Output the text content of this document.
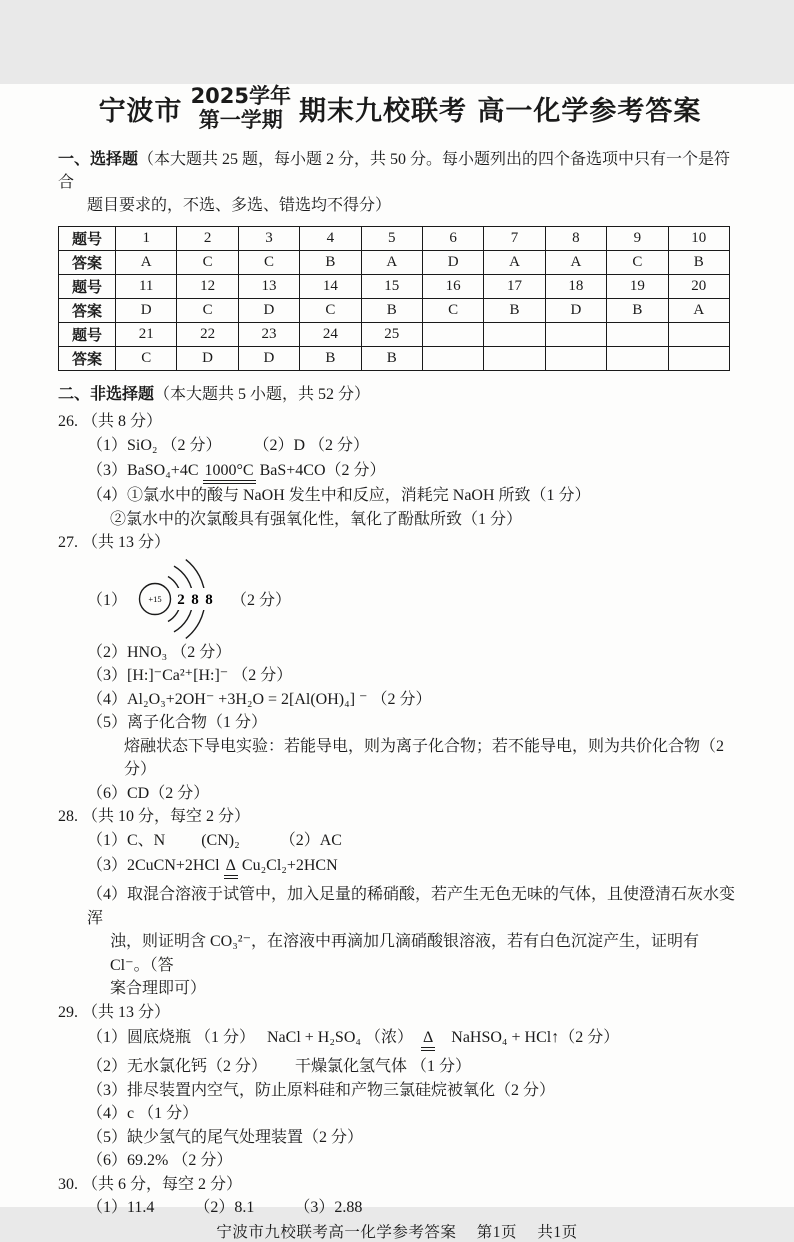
宁波市 2025学年
第一学期 期末九校联考 高一化学参考答案
一、选择题（本大题共 25 题，每小题 2 分，共 50 分。每小题列出的四个备选项中只有一个是符合
题目要求的，不选、多选、错选均不得分）
题号	1	2	3	4	5	6	7	8	9	10
答案	A	C	C	B	A	D	A	A	C	B
题号	11	12	13	14	15	16	17	18	19	20
答案	D	C	D	C	B	C	B	D	B	A
题号	21	22	23	24	25					
答案	C	D	D	B	B					
二、非选择题（本大题共 5 小题，共 52 分）
26. （共 8 分）
（1）SiO₂ （2 分）　　　（2）D （2 分）
（3）BaSO₄+4C 1000°C BaS+4CO（2 分）
（4）①氯水中的酸与 NaOH 发生中和反应，消耗完 NaOH 所致（1 分）
②氯水中的次氯酸具有强氧化性，氧化了酚酞所致（1 分）
27. （共 13 分）
（1）	2 8 8
+15	（2 分）
（2）HNO₃ （2 分）
（3）[H:]⁻Ca²⁺[H:]⁻ （2 分）
（4）Al₂O₃+2OH⁻ +3H₂O = 2[Al(OH)₄] ⁻ （2 分）
（5）离子化合物（1 分）
熔融状态下导电实验：若能导电，则为离子化合物；若不能导电，则为共价化合物（2 分）
（6）CD（2 分）
28. （共 10 分，每空 2 分）
（1）C、N　　 (CN)₂　　　（2）AC
（3）2CuCN+2HCl Δ Cu₂Cl₂+2HCN
（4）取混合溶液于试管中，加入足量的稀硝酸，若产生无色无味的气体，且使澄清石灰水变浑
浊，则证明含 CO₃²⁻，在溶液中再滴加几滴硝酸银溶液，若有白色沉淀产生，证明有 Cl⁻。（答
案合理即可）
29. （共 13 分）
（1）圆底烧瓶 （1 分）　 NaCl + H₂SO₄ （浓）　Δ　NaHSO₄ + HCl↑（2 分）
（2）无水氯化钙（2 分）　　 干燥氯化氢气体 （1 分）
（3）排尽装置内空气，防止原料硅和产物三氯硅烷被氧化（2 分）
（4）c （1 分）
（5）缺少氢气的尾气处理装置（2 分）
（6）69.2% （2 分）
30. （共 6 分，每空 2 分）
（1）11.4　　　（2）8.1　　　（3）2.88
宁波市九校联考高一化学参考答案　 第1页　 共1页
